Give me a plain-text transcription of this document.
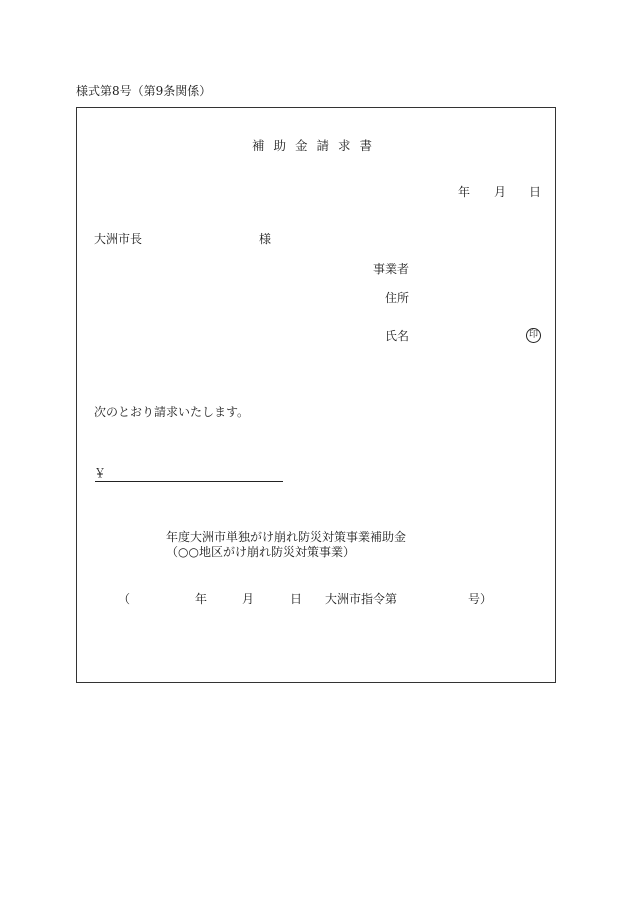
様式第8号（第9条関係）
補助金請求書
年 月 日
大洲市長	様
事業者
住所
氏名	印
次のとおり請求いたします。
￥
年度大洲市単独がけ崩れ防災対策事業補助金
（○○地区がけ崩れ防災対策事業）
（	年	月	日 大洲市指令第	号）
